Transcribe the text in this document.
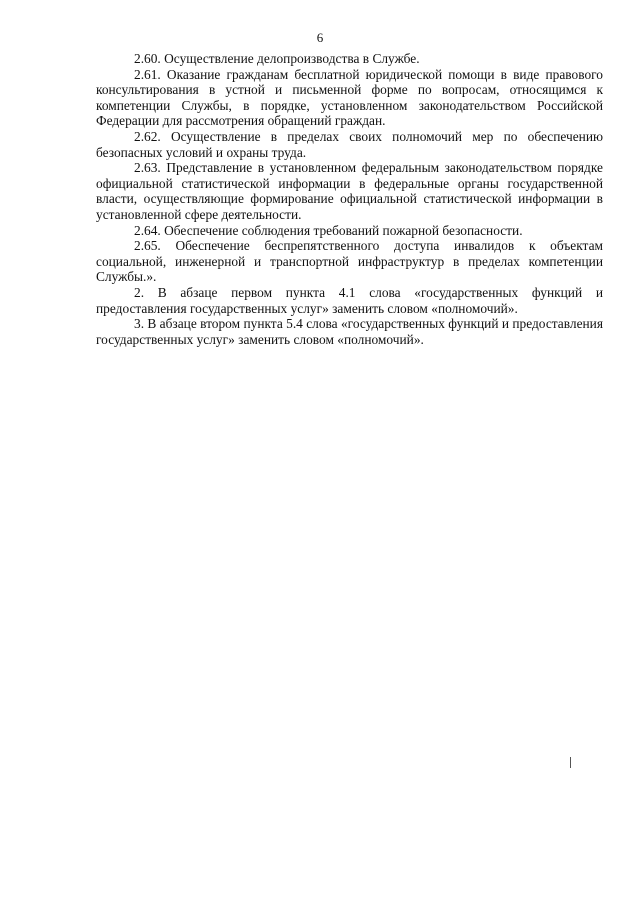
6

2.60. Осуществление делопроизводства в Службе.

2.61. Оказание гражданам бесплатной юридической помощи в виде правового консультирования в устной и письменной форме по вопросам, относящимся к компетенции Службы, в порядке, установленном законодательством Российской Федерации для рассмотрения обращений граждан.

2.62. Осуществление в пределах своих полномочий мер по обеспечению безопасных условий и охраны труда.

2.63. Представление в установленном федеральным законодательством порядке официальной статистической информации в федеральные органы государственной власти, осуществляющие формирование официальной статистической информации в установленной сфере деятельности.

2.64. Обеспечение соблюдения требований пожарной безопасности.

2.65. Обеспечение беспрепятственного доступа инвалидов к объектам социальной, инженерной и транспортной инфраструктур в пределах компетенции Службы.».

2. В абзаце первом пункта 4.1 слова «государственных функций и предоставления государственных услуг» заменить словом «полномочий».

3. В абзаце втором пункта 5.4 слова «государственных функций и предоставления государственных услуг» заменить словом «полномочий».
